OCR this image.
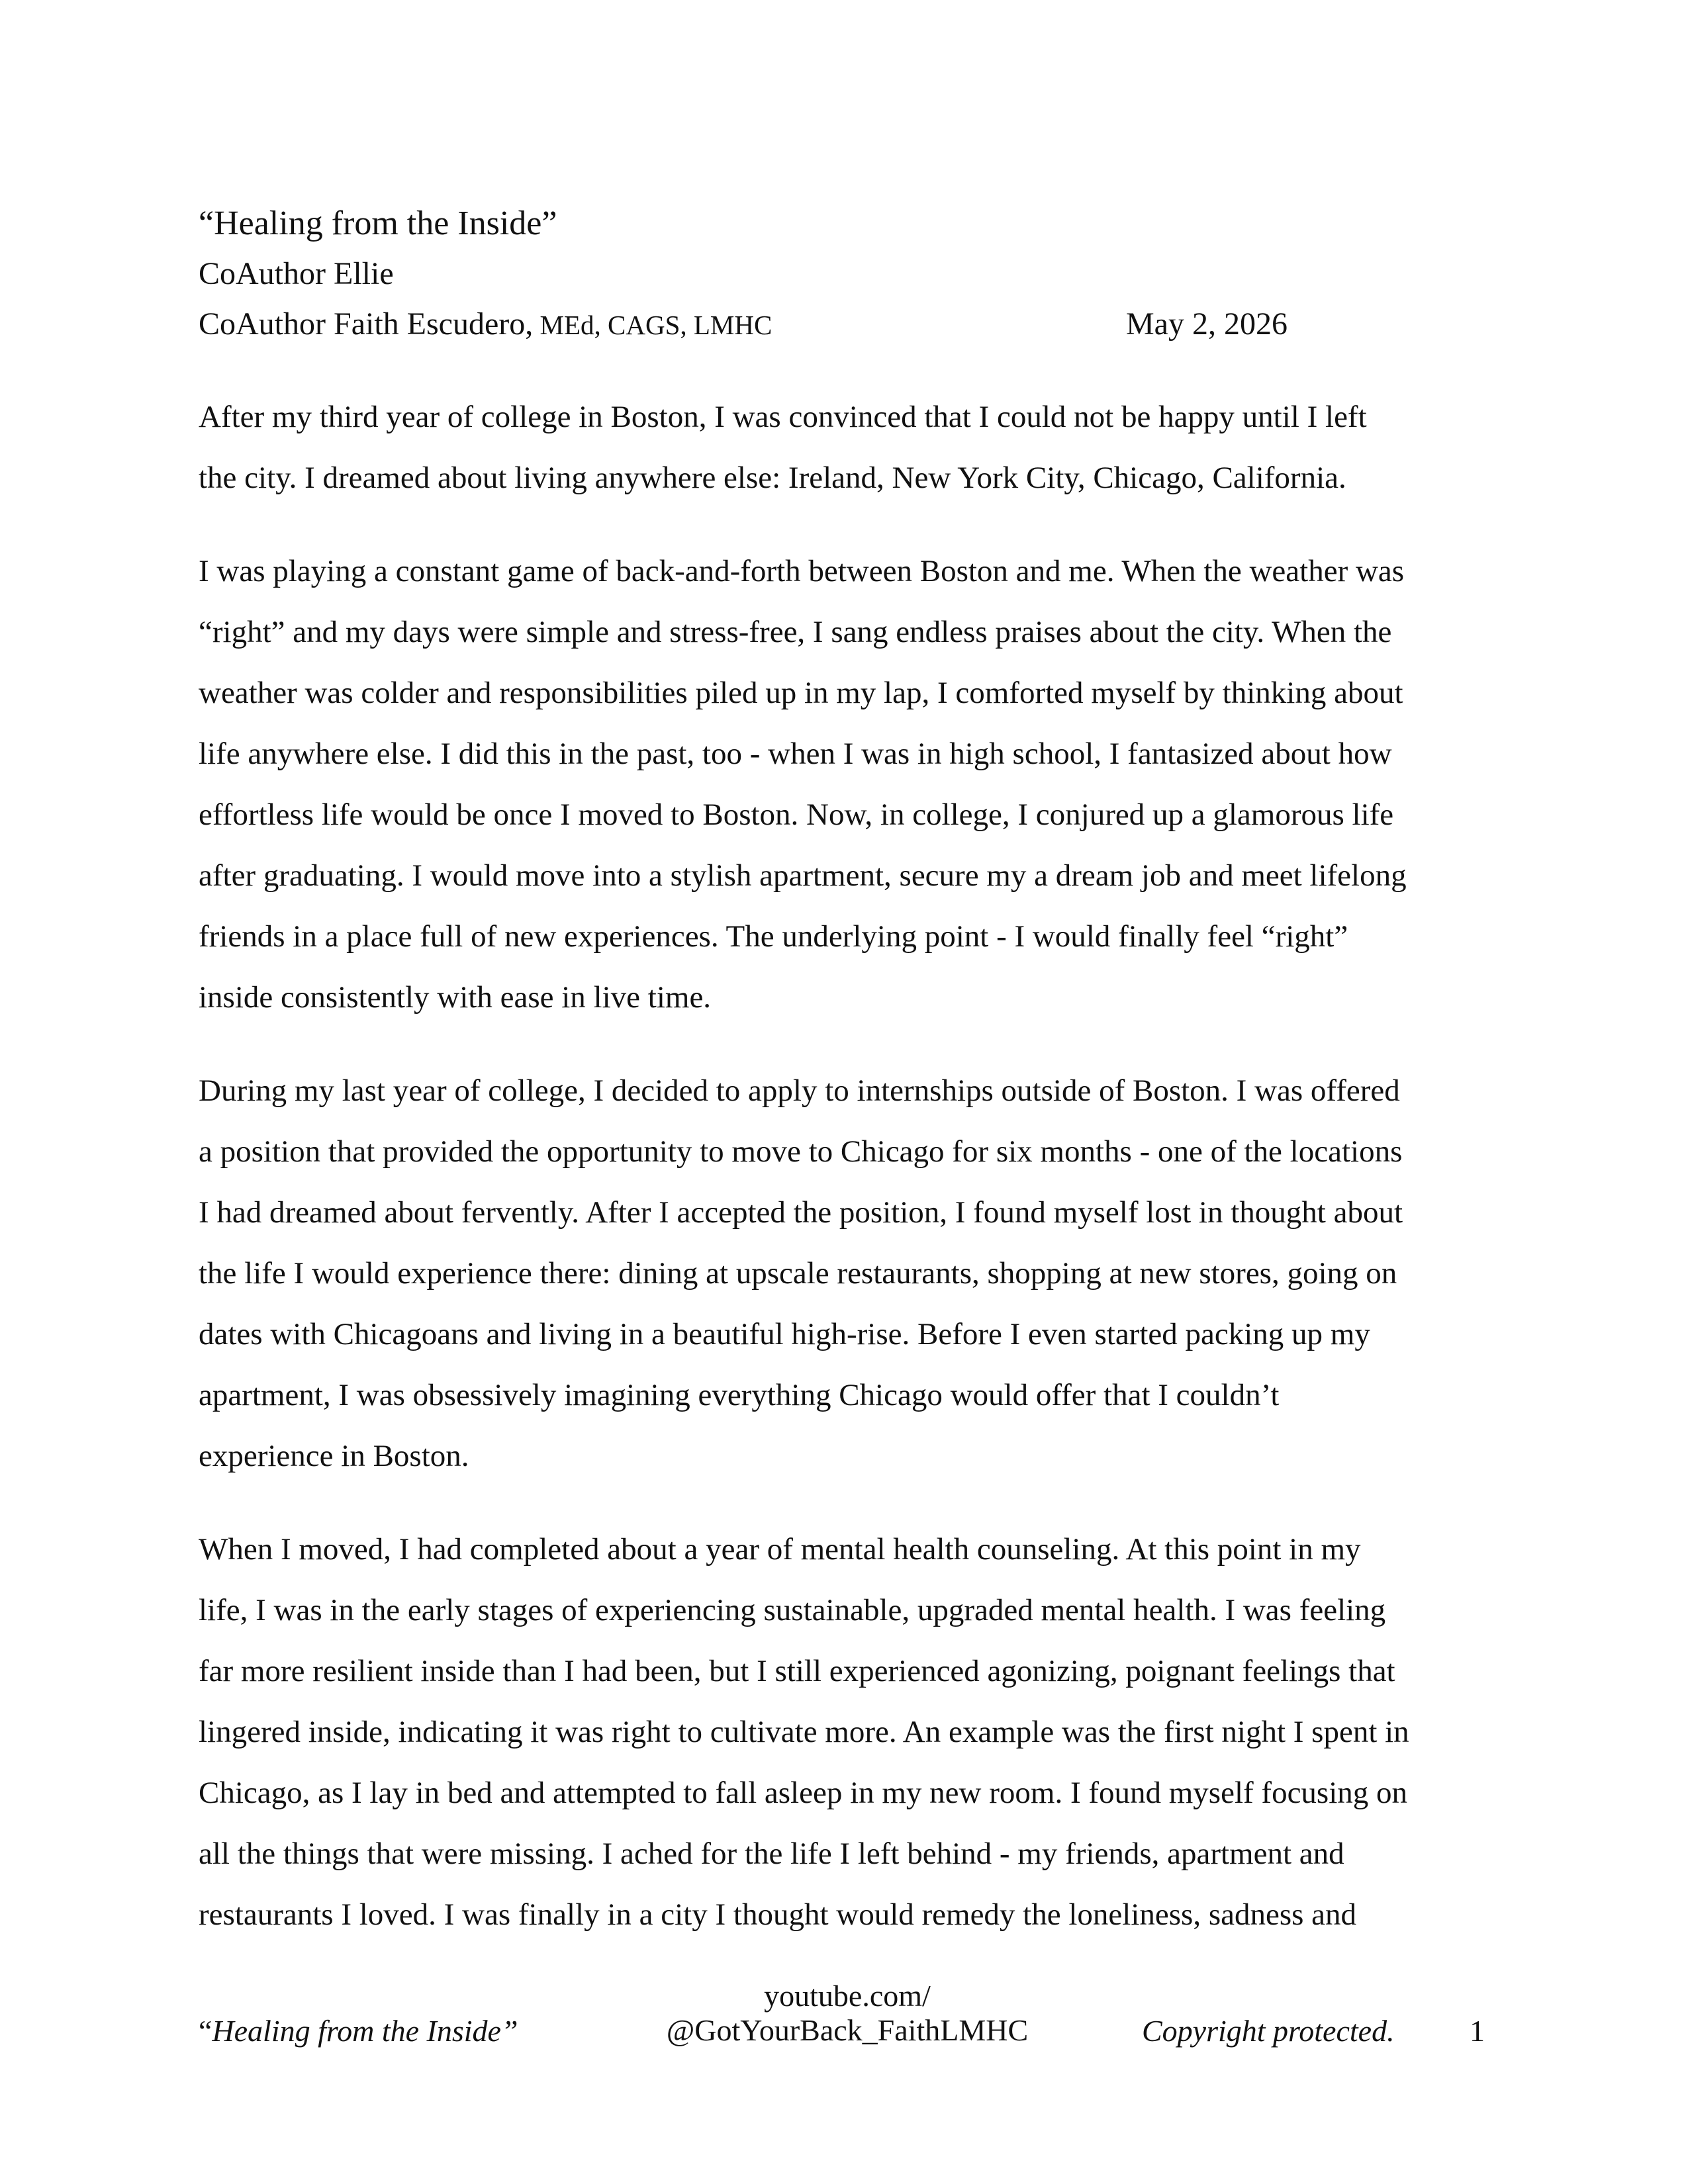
“Healing from the Inside”

CoAuthor Ellie

CoAuthor Faith Escudero, MEd, CAGS, LMHC	May 2, 2026
After my third year of college in Boston, I was convinced that I could not be happy until I left
the city. I dreamed about living anywhere else: Ireland, New York City, Chicago, California.
I was playing a constant game of back-and-forth between Boston and me. When the weather was
“right” and my days were simple and stress-free, I sang endless praises about the city. When the
weather was colder and responsibilities piled up in my lap, I comforted myself by thinking about
life anywhere else. I did this in the past, too - when I was in high school, I fantasized about how
effortless life would be once I moved to Boston. Now, in college, I conjured up a glamorous life
after graduating. I would move into a stylish apartment, secure my a dream job and meet lifelong
friends in a place full of new experiences. The underlying point - I would finally feel “right”
inside consistently with ease in live time.
During my last year of college, I decided to apply to internships outside of Boston. I was offered
a position that provided the opportunity to move to Chicago for six months - one of the locations
I had dreamed about fervently. After I accepted the position, I found myself lost in thought about
the life I would experience there: dining at upscale restaurants, shopping at new stores, going on
dates with Chicagoans and living in a beautiful high-rise. Before I even started packing up my
apartment, I was obsessively imagining everything Chicago would offer that I couldn’t
experience in Boston.
When I moved, I had completed about a year of mental health counseling. At this point in my
life, I was in the early stages of experiencing sustainable, upgraded mental health. I was feeling
far more resilient inside than I had been, but I still experienced agonizing, poignant feelings that
lingered inside, indicating it was right to cultivate more. An example was the first night I spent in
Chicago, as I lay in bed and attempted to fall asleep in my new room. I found myself focusing on
all the things that were missing. I ached for the life I left behind - my friends, apartment and
restaurants I loved. I was finally in a city I thought would remedy the loneliness, sadness and
“Healing from the Inside”
youtube.com/
@GotYourBack_FaithLMHC	Copyright protected. 1
